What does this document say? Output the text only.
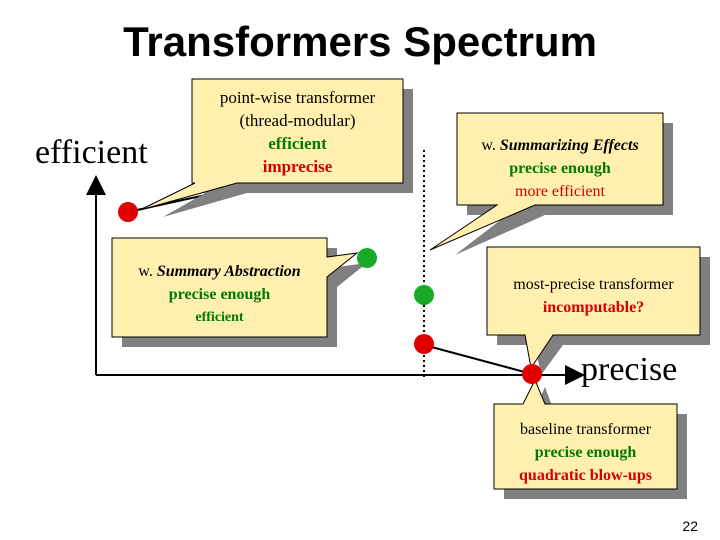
Transformers Spectrum
efficient
precise
point-wise transformer
(thread-modular)
efficient
imprecise
w. Summary Abstraction
precise enough
efficient
w. Summarizing Effects
precise enough
more efficient
most-precise transformer
incomputable?
baseline transformer
precise enough
quadratic blow-ups
22
